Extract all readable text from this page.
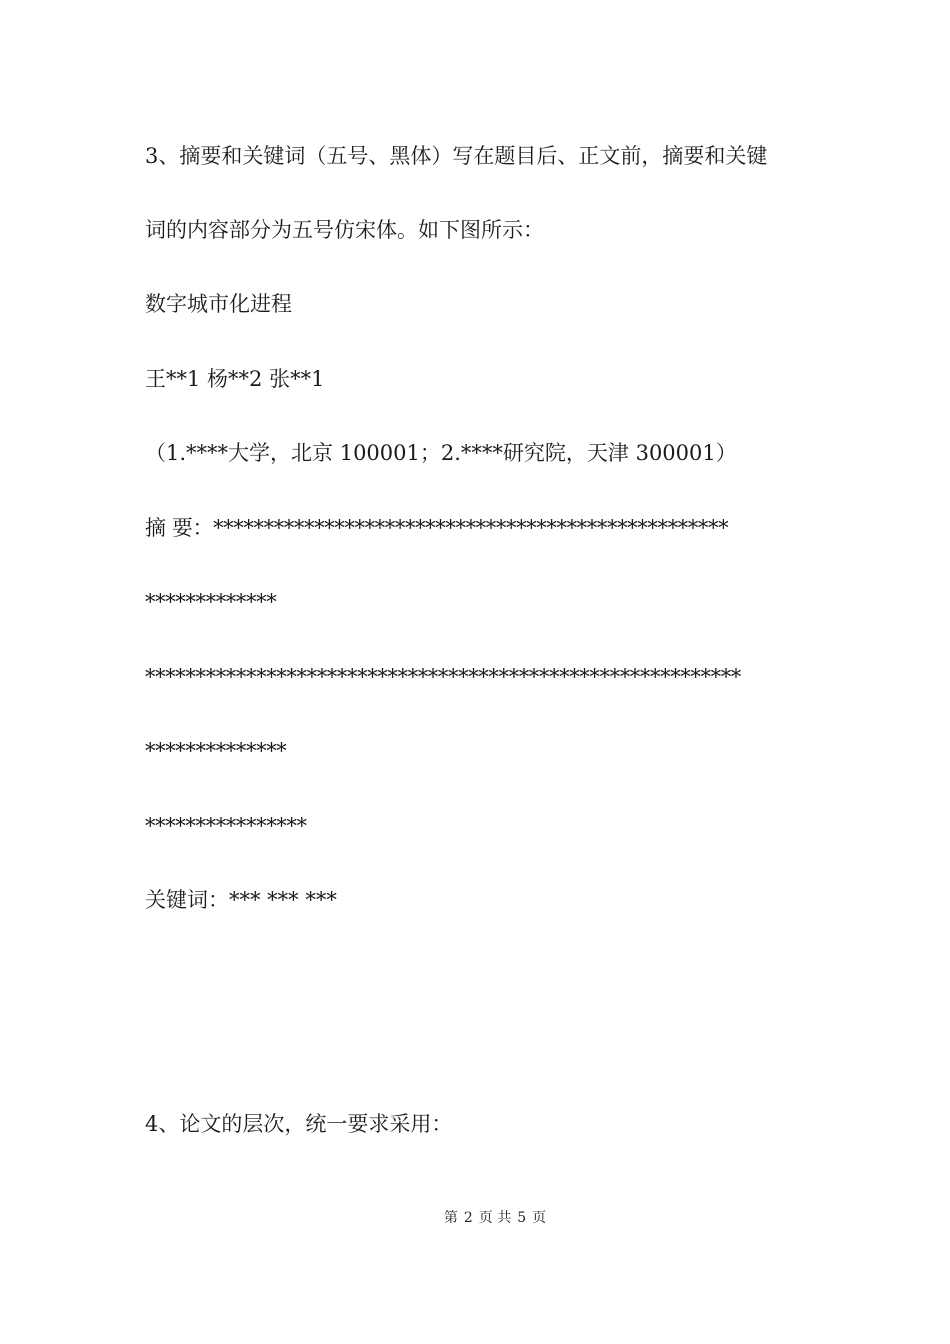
3、摘要和关键词（五号、黑体）写在题目后、正文前，摘要和关键
词的内容部分为五号仿宋体。如下图所示：
数字城市化进程
王**1 杨**2 张**1
（1.****大学，北京 100001；2.****研究院，天津 300001）
摘 要：***************************************************
*************
***********************************************************
**************
****************
关键词：*** *** ***
4、论文的层次，统一要求采用：
第 2 页 共 5 页
